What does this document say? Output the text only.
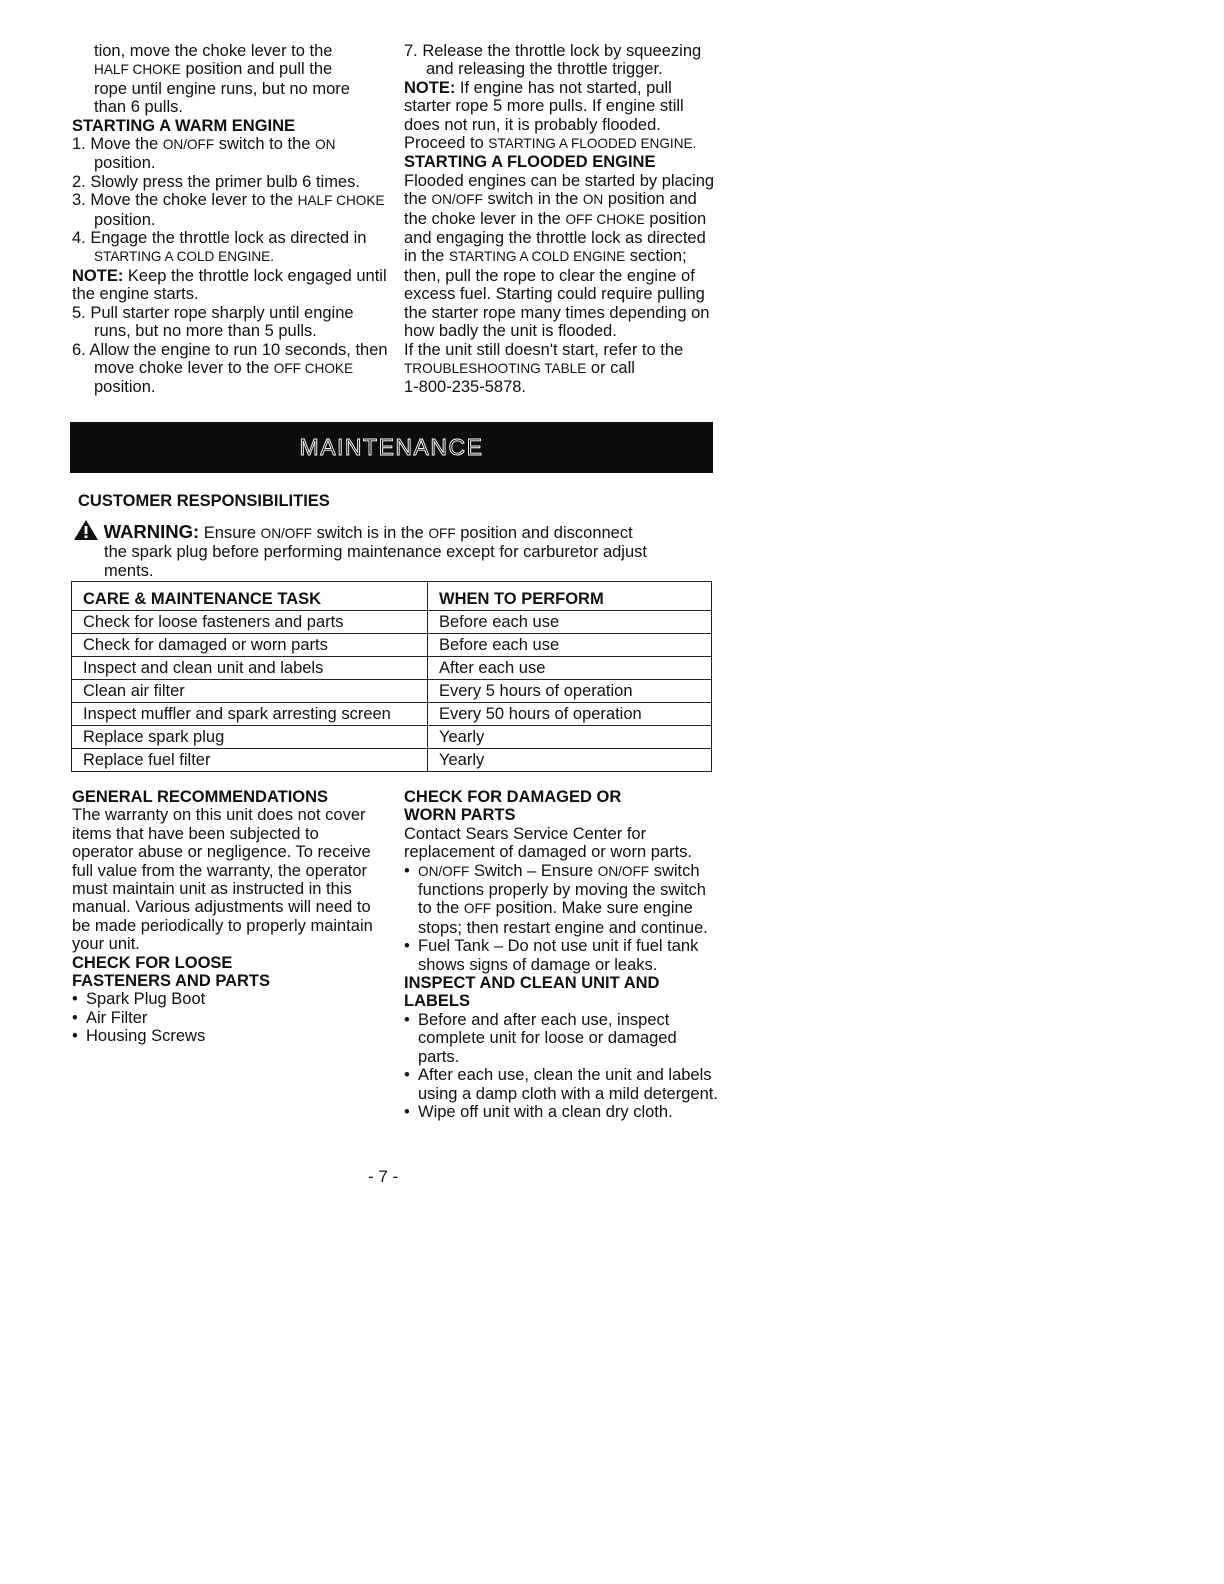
tion, move the choke lever to the
HALF CHOKE position and pull the
rope until engine runs, but no more
than 6 pulls.

STARTING A WARM ENGINE
1. Move the ON/OFF switch to the ON position.
2. Slowly press the primer bulb 6 times.
3. Move the choke lever to the HALF CHOKE position.
4. Engage the throttle lock as directed in STARTING A COLD ENGINE.

NOTE: Keep the throttle lock engaged until the engine starts.

5. Pull starter rope sharply until engine runs, but no more than 5 pulls.
6. Allow the engine to run 10 seconds, then move choke lever to the OFF CHOKE position.
7. Release the throttle lock by squeezing and releasing the throttle trigger.

NOTE: If engine has not started, pull starter rope 5 more pulls. If engine still does not run, it is probably flooded. Proceed to STARTING A FLOODED ENGINE.

STARTING A FLOODED ENGINE

Flooded engines can be started by placing the ON/OFF switch in the ON position and the choke lever in the OFF CHOKE position and engaging the throttle lock as directed in the STARTING A COLD ENGINE section; then, pull the rope to clear the engine of excess fuel. Starting could require pulling the starter rope many times depending on how badly the unit is flooded.

If the unit still doesn't start, refer to the TROUBLESHOOTING TABLE or call
1-800-235-5878.

MAINTENANCE
CUSTOMER RESPONSIBILITIES
WARNING: Ensure ON/OFF switch is in the OFF position and disconnect
the spark plug before performing maintenance except for carburetor adjust
ments.
CARE & MAINTENANCE TASK	WHEN TO PERFORM
Check for loose fasteners and parts	Before each use
Check for damaged or worn parts	Before each use
Inspect and clean unit and labels	After each use
Clean air filter	Every 5 hours of operation
Inspect muffler and spark arresting screen	Every 50 hours of operation
Replace spark plug	Yearly
Replace fuel filter	Yearly
GENERAL RECOMMENDATIONS

The warranty on this unit does not cover items that have been subjected to operator abuse or negligence. To receive full value from the warranty, the operator must maintain unit as instructed in this manual. Various adjustments will need to be made periodically to properly maintain your unit.

CHECK FOR LOOSE
FASTENERS AND PARTS
• Spark Plug Boot
• Air Filter
• Housing Screws
CHECK FOR DAMAGED OR
WORN PARTS

Contact Sears Service Center for replacement of damaged or worn parts.

• ON/OFF Switch – Ensure ON/OFF switch functions properly by moving the switch to the OFF position. Make sure engine stops; then restart engine and continue.
• Fuel Tank – Do not use unit if fuel tank shows signs of damage or leaks.
INSPECT AND CLEAN UNIT AND
LABELS
• Before and after each use, inspect complete unit for loose or damaged parts.
• After each use, clean the unit and labels using a damp cloth with a mild detergent.
• Wipe off unit with a clean dry cloth.
- 7 -
